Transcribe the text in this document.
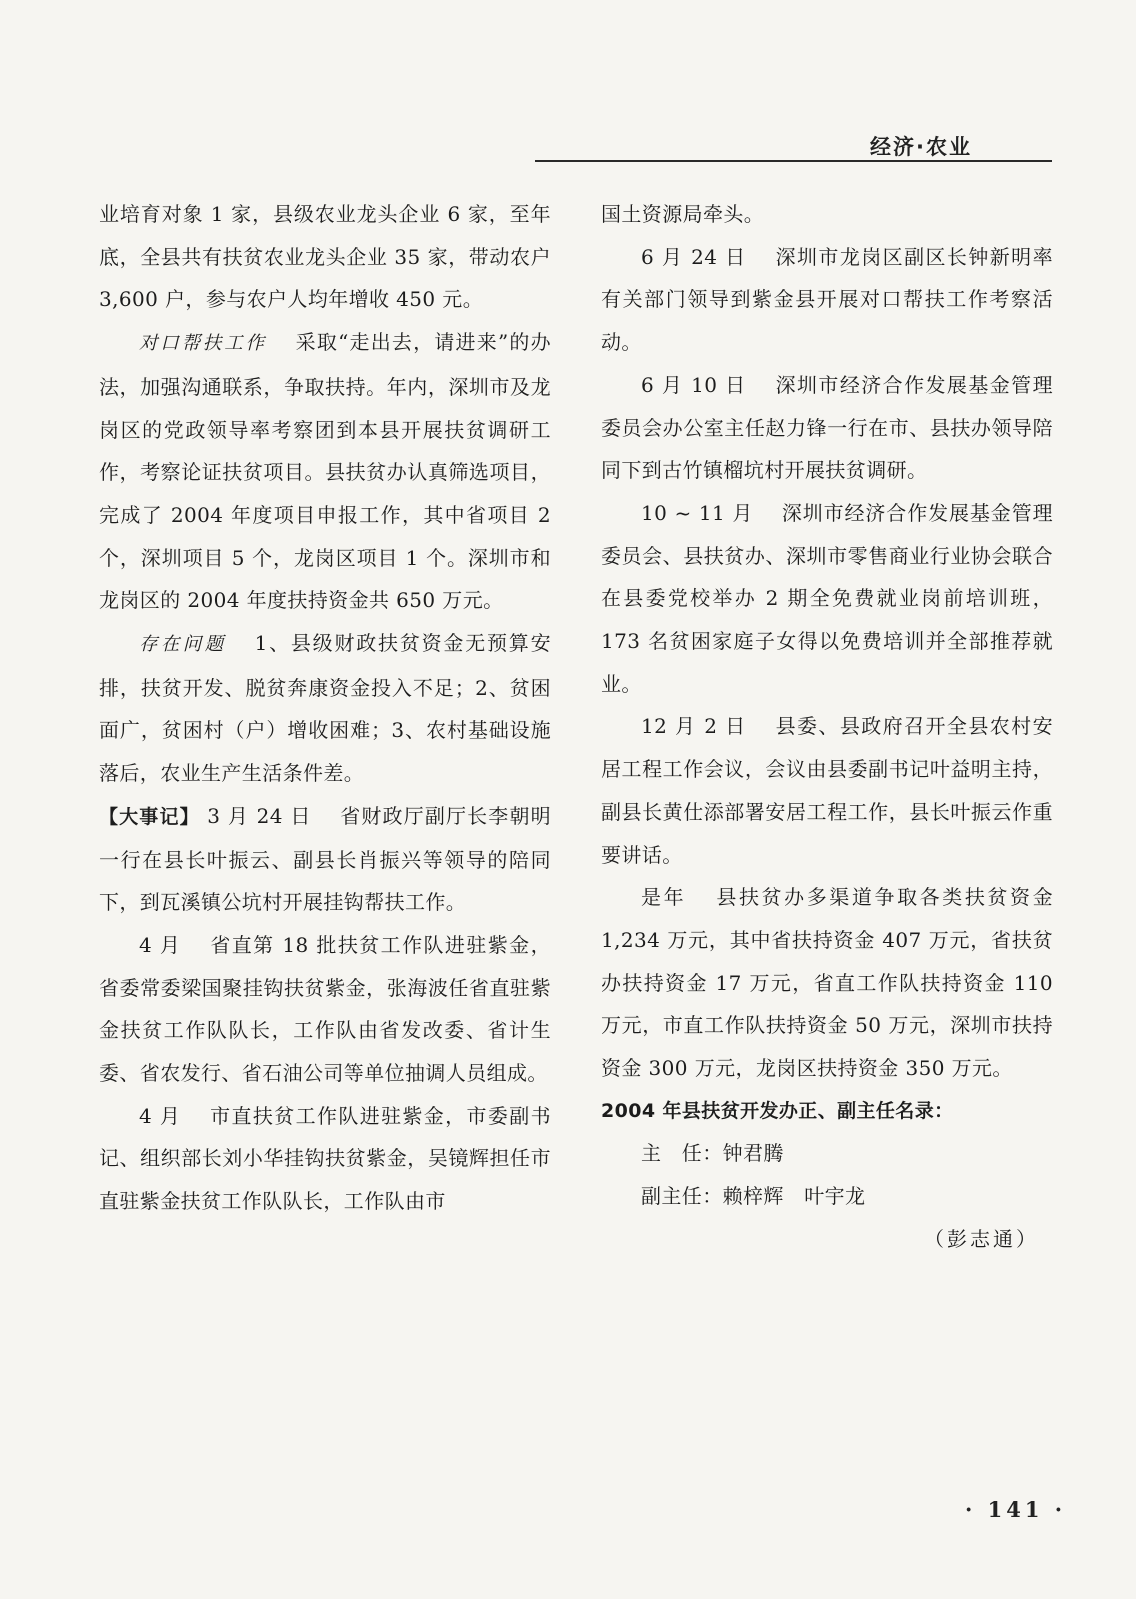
经济·农业

业培育对象 1 家，县级农业龙头企业 6 家，至年底，全县共有扶贫农业龙头企业 35 家，带动农户 3,600 户，参与农户人均年增收 450 元。

对口帮扶工作 采取“走出去，请进来”的办法，加强沟通联系，争取扶持。年内，深圳市及龙岗区的党政领导率考察团到本县开展扶贫调研工作，考察论证扶贫项目。县扶贫办认真筛选项目，完成了 2004 年度项目申报工作，其中省项目 2 个，深圳项目 5 个，龙岗区项目 1 个。深圳市和龙岗区的 2004 年度扶持资金共 650 万元。

存在问题 1、县级财政扶贫资金无预算安排，扶贫开发、脱贫奔康资金投入不足；2、贫困面广，贫困村（户）增收困难；3、农村基础设施落后，农业生产生活条件差。

【大事记】 3 月 24 日 省财政厅副厅长李朝明一行在县长叶振云、副县长肖振兴等领导的陪同下，到瓦溪镇公坑村开展挂钩帮扶工作。

4 月 省直第 18 批扶贫工作队进驻紫金，省委常委梁国聚挂钩扶贫紫金，张海波任省直驻紫金扶贫工作队队长，工作队由省发改委、省计生委、省农发行、省石油公司等单位抽调人员组成。

4 月 市直扶贫工作队进驻紫金，市委副书记、组织部长刘小华挂钩扶贫紫金，吴镜辉担任市直驻紫金扶贫工作队队长，工作队由市

国土资源局牵头。

6 月 24 日 深圳市龙岗区副区长钟新明率有关部门领导到紫金县开展对口帮扶工作考察活动。

6 月 10 日 深圳市经济合作发展基金管理委员会办公室主任赵力锋一行在市、县扶办领导陪同下到古竹镇榴坑村开展扶贫调研。

10 ~ 11 月 深圳市经济合作发展基金管理委员会、县扶贫办、深圳市零售商业行业协会联合在县委党校举办 2 期全免费就业岗前培训班，173 名贫困家庭子女得以免费培训并全部推荐就业。

12 月 2 日 县委、县政府召开全县农村安居工程工作会议，会议由县委副书记叶益明主持，副县长黄仕添部署安居工程工作，县长叶振云作重要讲话。

是年 县扶贫办多渠道争取各类扶贫资金 1,234 万元，其中省扶持资金 407 万元，省扶贫办扶持资金 17 万元，省直工作队扶持资金 110 万元，市直工作队扶持资金 50 万元，深圳市扶持资金 300 万元，龙岗区扶持资金 350 万元。

2004 年县扶贫开发办正、副主任名录：

主　任：钟君腾

副主任：赖梓辉　叶宇龙

（彭志通）

· 141 ·
